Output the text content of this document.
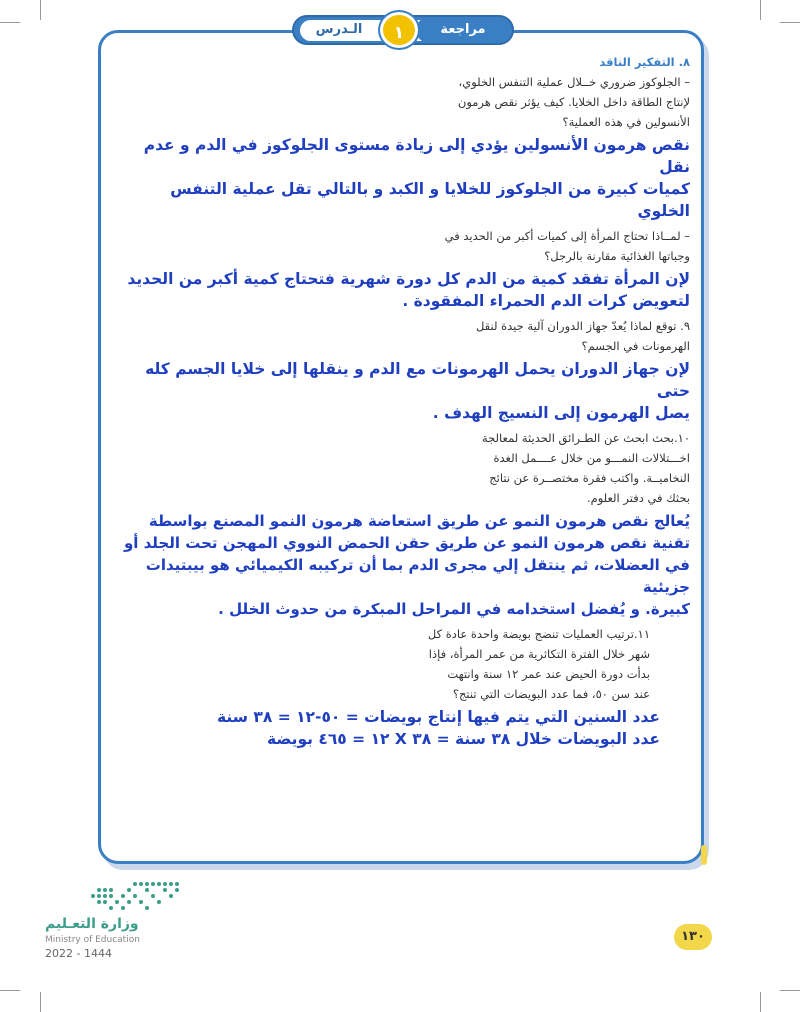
مراجعة
الـدرس	١
٨. التفكير الناقد
– الجلوكوز ضروري خــلال عملية التنفس الخلوي،
لإنتاج الطاقة داخل الخلايا. كيف يؤثر نقص هرمون
الأنسولين في هذه العملية؟
نقص هرمون الأنسولين يؤدي إلى زيادة مستوى الجلوكوز في الدم و عدم نقل
كميات كبيرة من الجلوكوز للخلايا و الكبد و بالتالي تقل عملية التنفس الخلوي
– لمــاذا تحتاج المرأة إلى كميات أكبر من الحديد في
وجباتها الغذائية مقارنة بالرجل؟
لإن المرأة تفقد كمية من الدم كل دورة شهرية فتحتاج كمية أكبر من الحديد
لتعويض كرات الدم الحمراء المفقودة .
٩. توقع لماذا يُعدّ جهاز الدوران آلية جيدة لنقل
الهرمونات في الجسم؟
لإن جهاز الدوران يحمل الهرمونات مع الدم و ينقلها إلى خلايا الجسم كله حتى
يصل الهرمون إلى النسيج الهدف .
١٠.بحث ابحث عن الطـرائق الحديثة لمعالجة
اخـــتلالات النمـــو من خلال عــــمل الغدة
النخاميــة. واكتب فقرة مختصــرة عن نتائج
بحثك في دفتر العلوم.
يُعالج نقص هرمون النمو عن طريق استعاضة هرمون النمو المصنع بواسطة
تقنية نقص هرمون النمو عن طريق حقن الحمض النووي المهجن تحت الجلد أو
في العضلات، ثم ينتقل إلي مجرى الدم بما أن تركيبه الكيميائي هو بيبتيدات جزيئية
كبيرة. و يُفضل استخدامه في المراحل المبكرة من حدوث الخلل .
١١.ترتيب العمليات تنضج بويضة واحدة عادة كل
شهر خلال الفترة التكاثرية من عمر المرأة، فإذا
بدأت دورة الحيض عند عمر ١٢ سنة وانتهت
عند سن ٥٠، فما عدد البويضات التي تنتج؟
عدد السنين التي يتم فيها إنتاج بويضات = ٥٠-١٢ = ٣٨ سنة
عدد البويضات خلال ٣٨ سنة = ٣٨ X ١٢ = ٤٦٥ بويضة
وزارة التعـليم
Ministry of Education
2022 - 1444
١٣٠
